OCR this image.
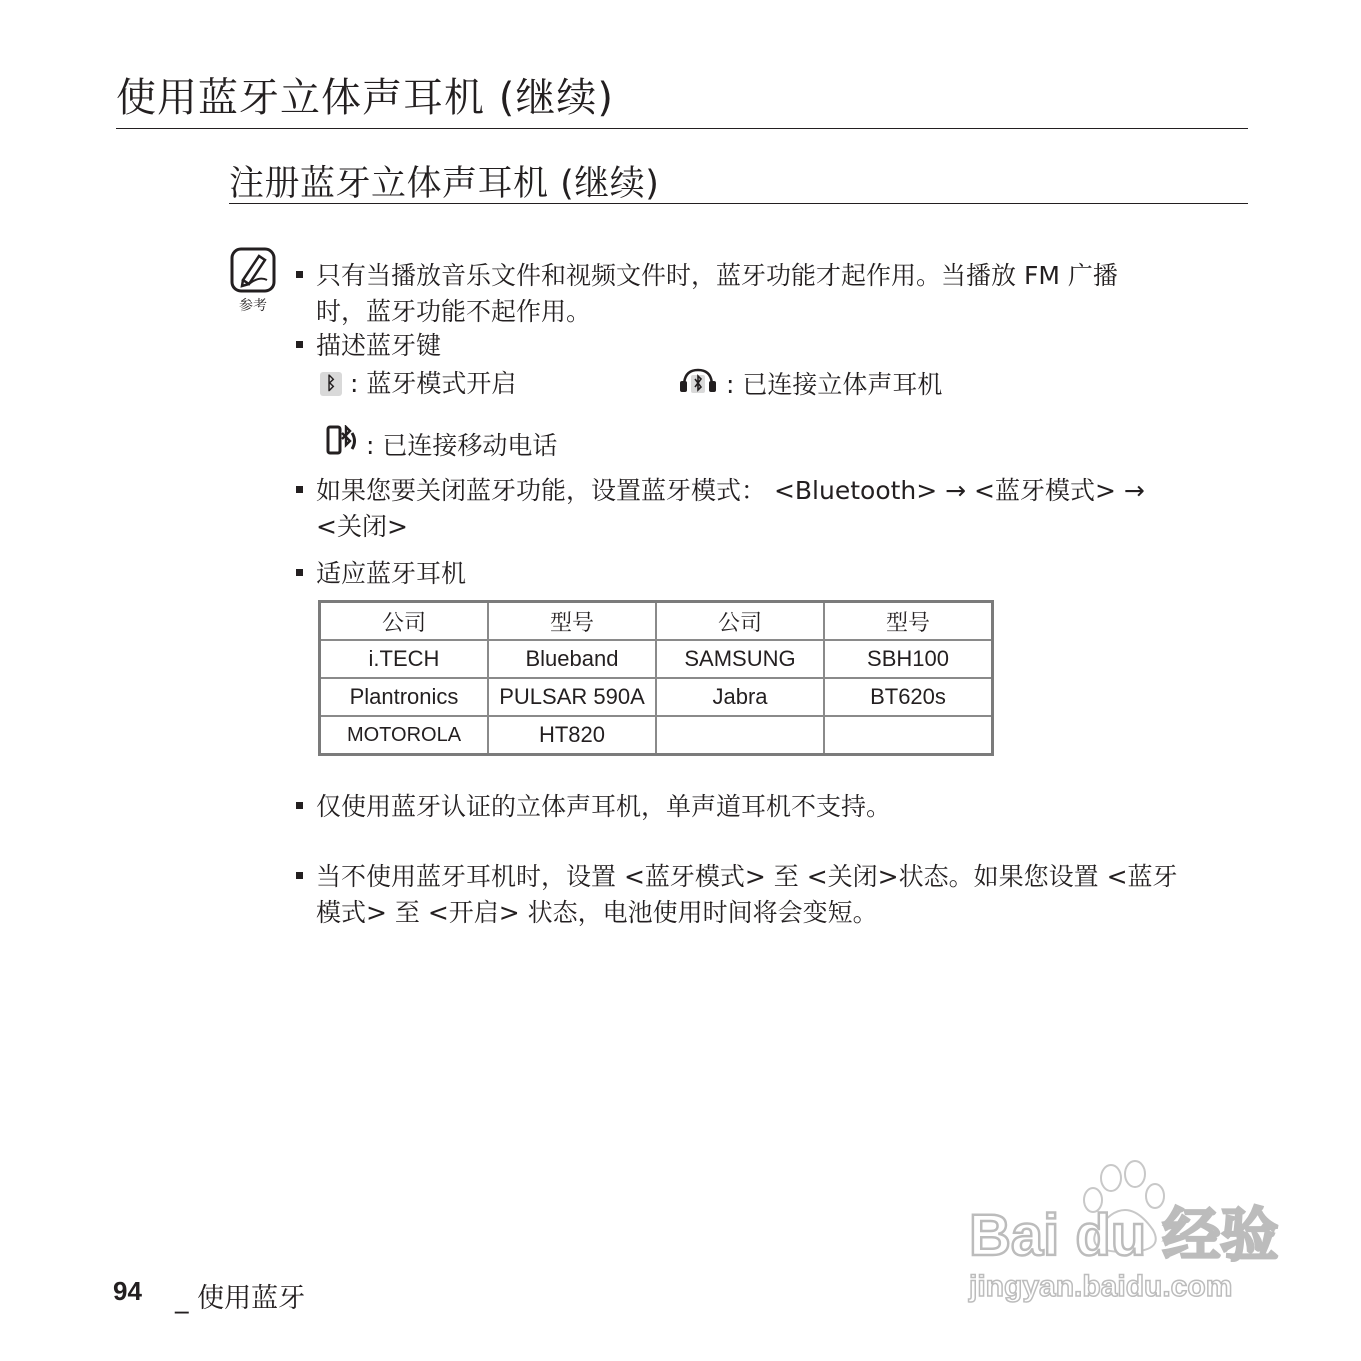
使用蓝牙立体声耳机 (继续)
注册蓝牙立体声耳机 (继续)
参考
只有当播放音乐文件和视频文件时，蓝牙功能才起作用。当播放 FM 广播
时，蓝牙功能不起作用。
描述蓝牙键
ᛒ : 蓝牙模式开启	: 已连接立体声耳机
: 已连接移动电话
如果您要关闭蓝牙功能，设置蓝牙模式： <Bluetooth> → <蓝牙模式> →
<关闭>
适应蓝牙耳机
公司	型号	公司	型号
i.TECH	Blueband	SAMSUNG	SBH100
Plantronics	PULSAR 590A	Jabra	BT620s
MOTOROLA	HT820		
仅使用蓝牙认证的立体声耳机，单声道耳机不支持。
当不使用蓝牙耳机时，设置 <蓝牙模式> 至 <关闭>状态。如果您设置 <蓝牙
模式> 至 <开启> 状态，电池使用时间将会变短。
Bai du 经验
jingyan.baidu.com
94 _ 使用蓝牙
